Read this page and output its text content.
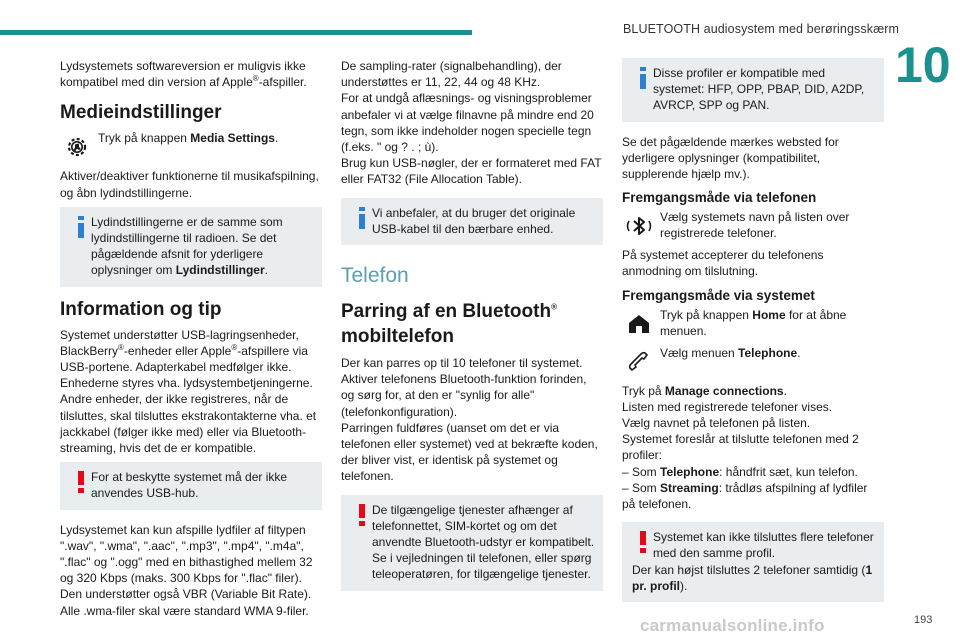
BLUETOOTH audiosystem med berøringsskærm
10

Lydsystemets softwareversion er muligvis ikke kompatibel med din version af Apple®-afspiller.

Medieindstillinger

Tryk på knappen Media Settings.

Aktiver/deaktiver funktionerne til musikafspilning, og åbn lydindstillingerne.

Lydindstillingerne er de samme som lydindstillingerne til radioen. Se det pågældende afsnit for yderligere oplysninger om Lydindstillinger.
Information og tip

Systemet understøtter USB-lagringsenheder, BlackBerry®-enheder eller Apple®-afspillere via USB-portene. Adapterkabel medfølger ikke.

Enhederne styres vha. lydsystembetjeningerne.

Andre enheder, der ikke registreres, når de tilsluttes, skal tilsluttes ekstrakontakterne vha. et jackkabel (følger ikke med) eller via Bluetooth-streaming, hvis det de er kompatible.

For at beskytte systemet må der ikke anvendes USB-hub.

Lydsystemet kan kun afspille lydfiler af filtypen ".wav", ".wma", ".aac", ".mp3", ".mp4", ".m4a", ".flac" og ".ogg" med en bithastighed mellem 32 og 320 Kbps (maks. 300 Kbps for ".flac" filer).

Den understøtter også VBR (Variable Bit Rate).

Alle .wma-filer skal være standard WMA 9-filer.

De sampling-rater (signalbehandling), der understøttes er 11, 22, 44 og 48 KHz.

For at undgå aflæsnings- og visningsproblemer anbefaler vi at vælge filnavne på mindre end 20 tegn, som ikke indeholder nogen specielle tegn (f.eks. " og ? . ; ù).

Brug kun USB-nøgler, der er formateret med FAT eller FAT32 (File Allocation Table).

Vi anbefaler, at du bruger det originale USB-kabel til den bærbare enhed.
Telefon
Parring af en Bluetooth®
mobiltelefon

Der kan parres op til 10 telefoner til systemet.

Aktiver telefonens Bluetooth-funktion forinden, og sørg for, at den er "synlig for alle" (telefonkonfiguration).

Parringen fuldføres (uanset om det er via telefonen eller systemet) ved at bekræfte koden, der bliver vist, er identisk på systemet og telefonen.

De tilgængelige tjenester afhænger af telefonnettet, SIM-kortet og om det anvendte Bluetooth-udstyr er kompatibelt. Se i vejledningen til telefonen, eller spørg teleoperatøren, for tilgængelige tjenester.
Disse profiler er kompatible med systemet: HFP, OPP, PBAP, DID, A2DP, AVRCP, SPP og PAN.

Se det pågældende mærkes websted for yderligere oplysninger (kompatibilitet, supplerende hjælp mv.).

Fremgangsmåde via telefonen

Vælg systemets navn på listen over registrerede telefoner.

På systemet accepterer du telefonens anmodning om tilslutning.

Fremgangsmåde via systemet

Tryk på knappen Home for at åbne menuen.

Vælg menuen Telephone.

Tryk på Manage connections.

Listen med registrerede telefoner vises.

Vælg navnet på telefonen på listen.

Systemet foreslår at tilslutte telefonen med 2 profiler:

– Som Telephone: håndfrit sæt, kun telefon.

– Som Streaming: trådløs afspilning af lydfiler på telefonen.

Systemet kan ikke tilsluttes flere telefoner med den samme profil.
Der kan højst tilsluttes 2 telefoner samtidig (1 pr. profil).
carmanualsonline.info	193
